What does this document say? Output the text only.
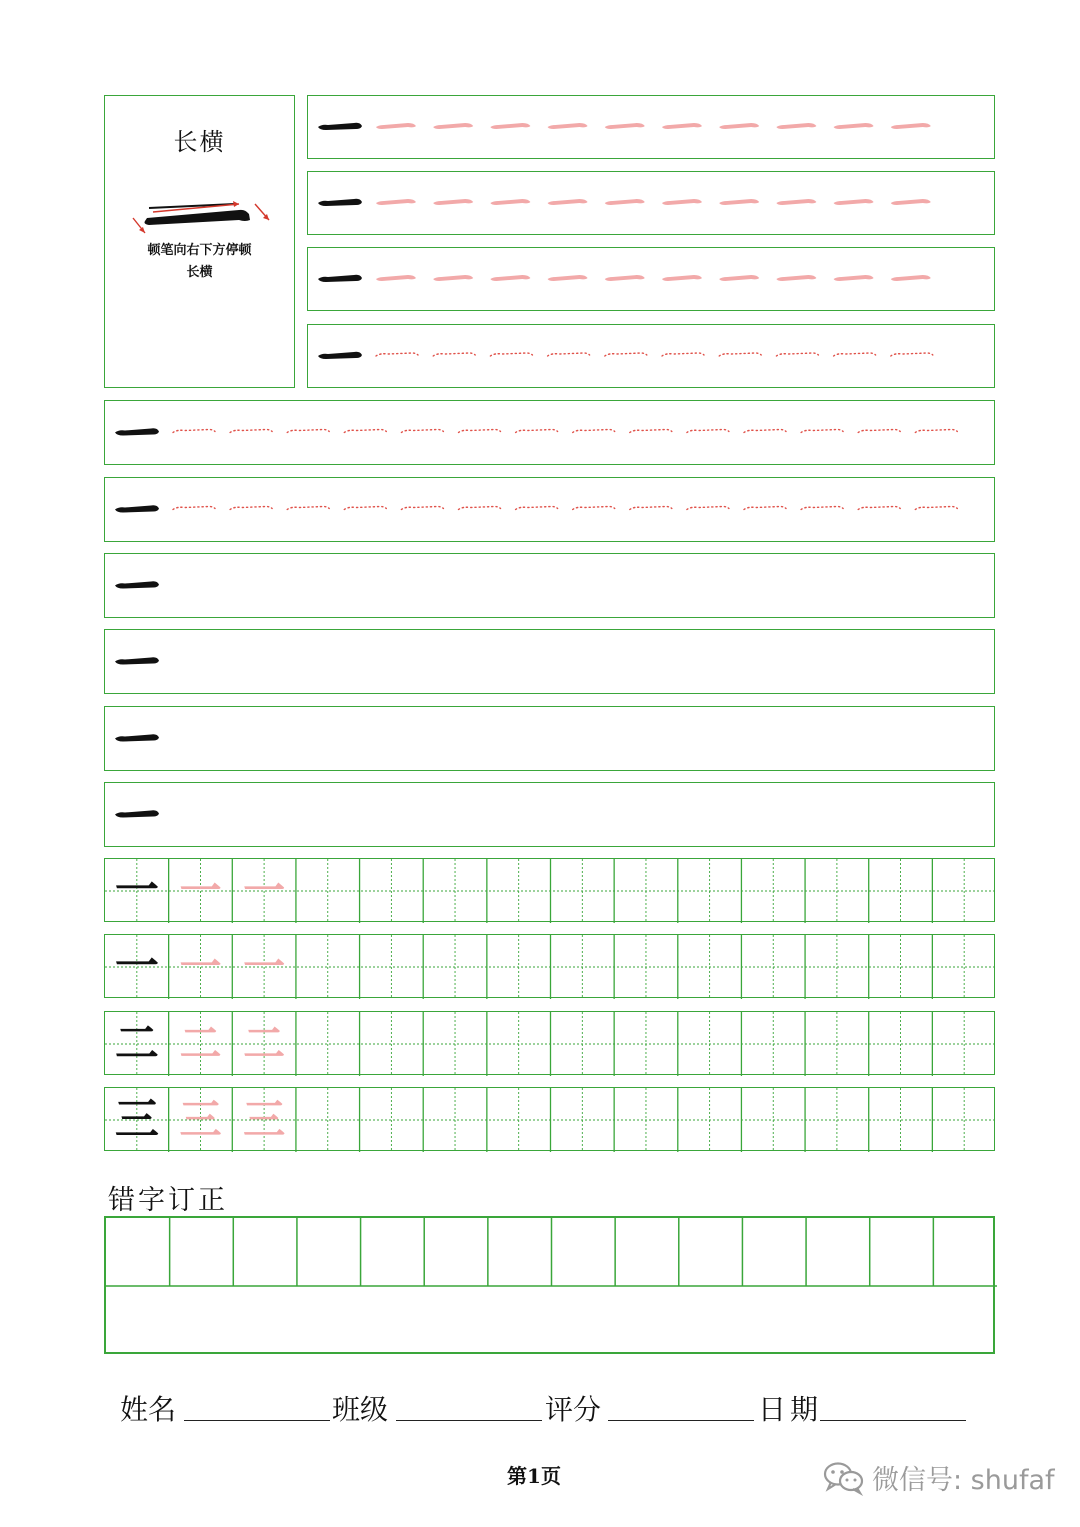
长横
顿笔向右下方停顿
长横
一 一 一
一 一 一
二 二 二
三 三 三
错字订正
姓名	班级	评分	日期
第1页	微信号: shufaf
